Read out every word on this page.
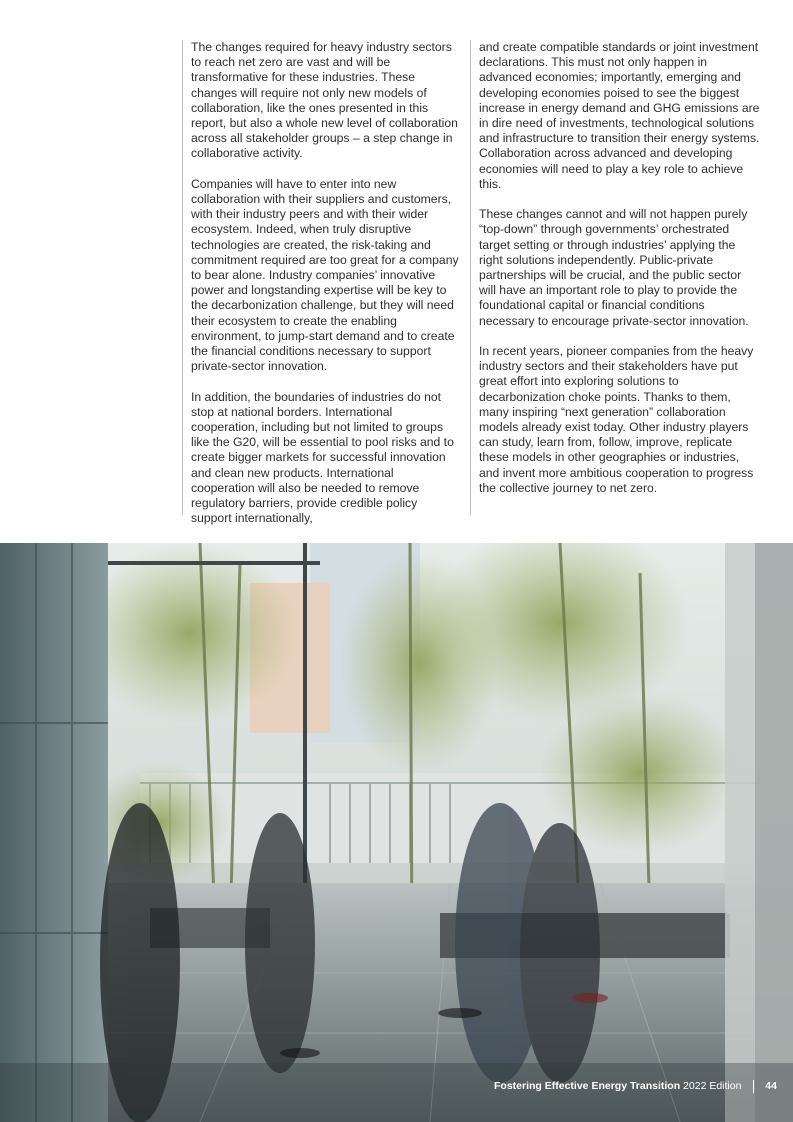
The changes required for heavy industry sectors to reach net zero are vast and will be transformative for these industries. These changes will require not only new models of collaboration, like the ones presented in this report, but also a whole new level of collaboration across all stakeholder groups – a step change in collaborative activity.

Companies will have to enter into new collaboration with their suppliers and customers, with their industry peers and with their wider ecosystem. Indeed, when truly disruptive technologies are created, the risk-taking and commitment required are too great for a company to bear alone. Industry companies’ innovative power and longstanding expertise will be key to the decarbonization challenge, but they will need their ecosystem to create the enabling environment, to jump-start demand and to create the financial conditions necessary to support private-sector innovation.

In addition, the boundaries of industries do not stop at national borders. International cooperation, including but not limited to groups like the G20, will be essential to pool risks and to create bigger markets for successful innovation and clean new products. International cooperation will also be needed to remove regulatory barriers, provide credible policy support internationally,

and create compatible standards or joint investment declarations. This must not only happen in advanced economies; importantly, emerging and developing economies poised to see the biggest increase in energy demand and GHG emissions are in dire need of investments, technological solutions and infrastructure to transition their energy systems. Collaboration across advanced and developing economies will need to play a key role to achieve this.

These changes cannot and will not happen purely “top-down” through governments’ orchestrated target setting or through industries’ applying the right solutions independently. Public-private partnerships will be crucial, and the public sector will have an important role to play to provide the foundational capital or financial conditions necessary to encourage private-sector innovation.

In recent years, pioneer companies from the heavy industry sectors and their stakeholders have put great effort into exploring solutions to decarbonization choke points. Thanks to them, many inspiring “next generation” collaboration models already exist today. Other industry players can study, learn from, follow, improve, replicate these models in other geographies or industries, and invent more ambitious cooperation to progress the collective journey to net zero.

Fostering Effective Energy Transition 2022 Edition 44
